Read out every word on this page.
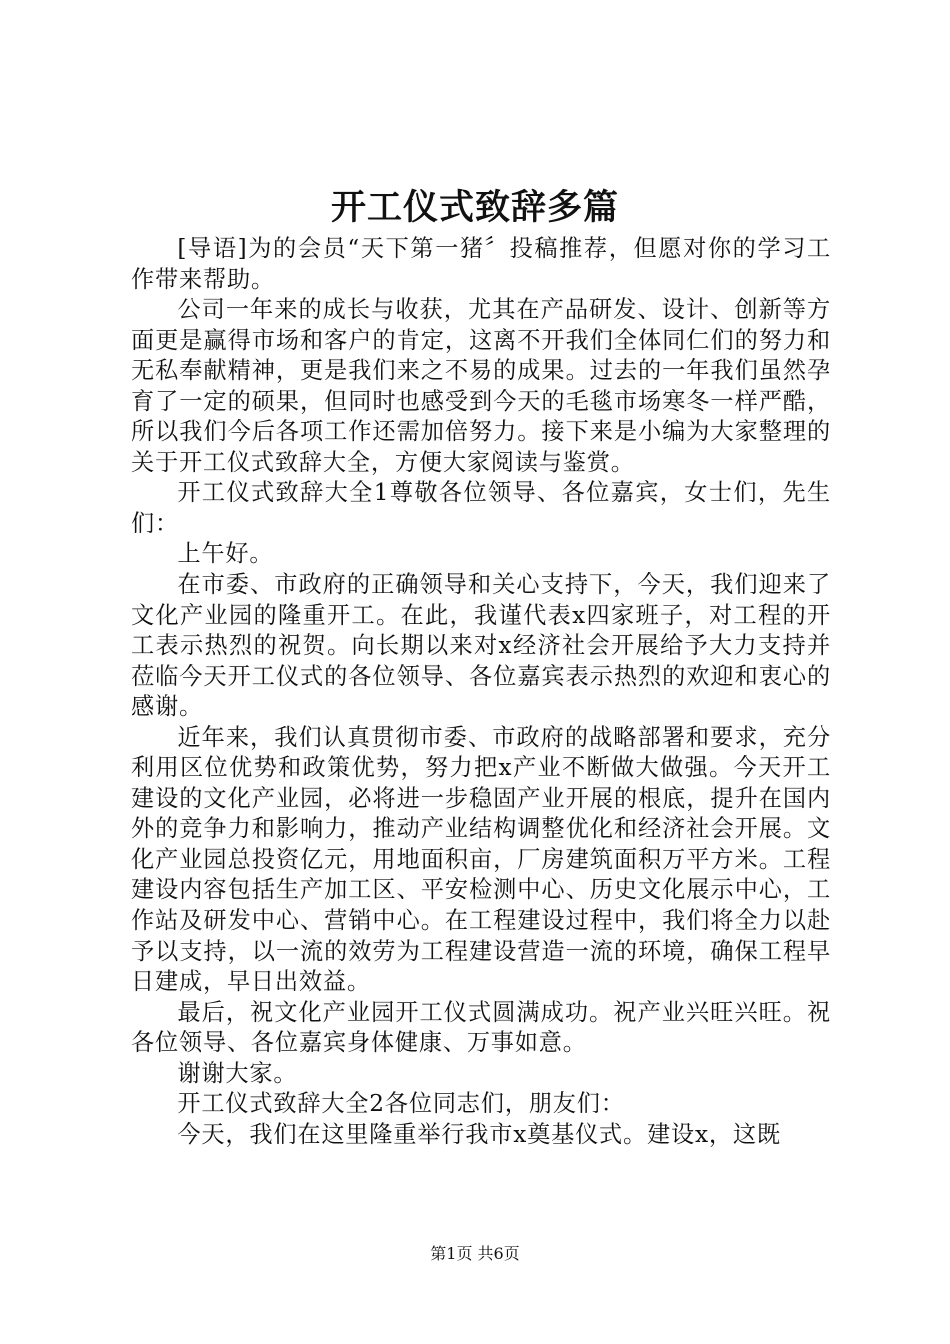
开工仪式致辞多篇

[导语]为的会员“天下第一猪〞投稿推荐，但愿对你的学习工作带来帮助。

公司一年来的成长与收获，尤其在产品研发、设计、创新等方面更是赢得市场和客户的肯定，这离不开我们全体同仁们的努力和无私奉献精神，更是我们来之不易的成果。过去的一年我们虽然孕育了一定的硕果，但同时也感受到今天的毛毯市场寒冬一样严酷，所以我们今后各项工作还需加倍努力。接下来是小编为大家整理的关于开工仪式致辞大全，方便大家阅读与鉴赏。

开工仪式致辞大全1尊敬各位领导、各位嘉宾，女士们，先生们：

上午好。

在市委、市政府的正确领导和关心支持下，今天，我们迎来了文化产业园的隆重开工。在此，我谨代表x四家班子，对工程的开工表示热烈的祝贺。向长期以来对x经济社会开展给予大力支持并莅临今天开工仪式的各位领导、各位嘉宾表示热烈的欢迎和衷心的感谢。

近年来，我们认真贯彻市委、市政府的战略部署和要求，充分利用区位优势和政策优势，努力把x产业不断做大做强。今天开工建设的文化产业园，必将进一步稳固产业开展的根底，提升在国内外的竞争力和影响力，推动产业结构调整优化和经济社会开展。文化产业园总投资亿元，用地面积亩，厂房建筑面积万平方米。工程建设内容包括生产加工区、平安检测中心、历史文化展示中心，工作站及研发中心、营销中心。在工程建设过程中，我们将全力以赴予以支持，以一流的效劳为工程建设营造一流的环境，确保工程早日建成，早日出效益。

最后，祝文化产业园开工仪式圆满成功。祝产业兴旺兴旺。祝各位领导、各位嘉宾身体健康、万事如意。

谢谢大家。

开工仪式致辞大全2各位同志们，朋友们：

今天，我们在这里隆重举行我市x奠基仪式。建设x，这既

第1页 共6页
